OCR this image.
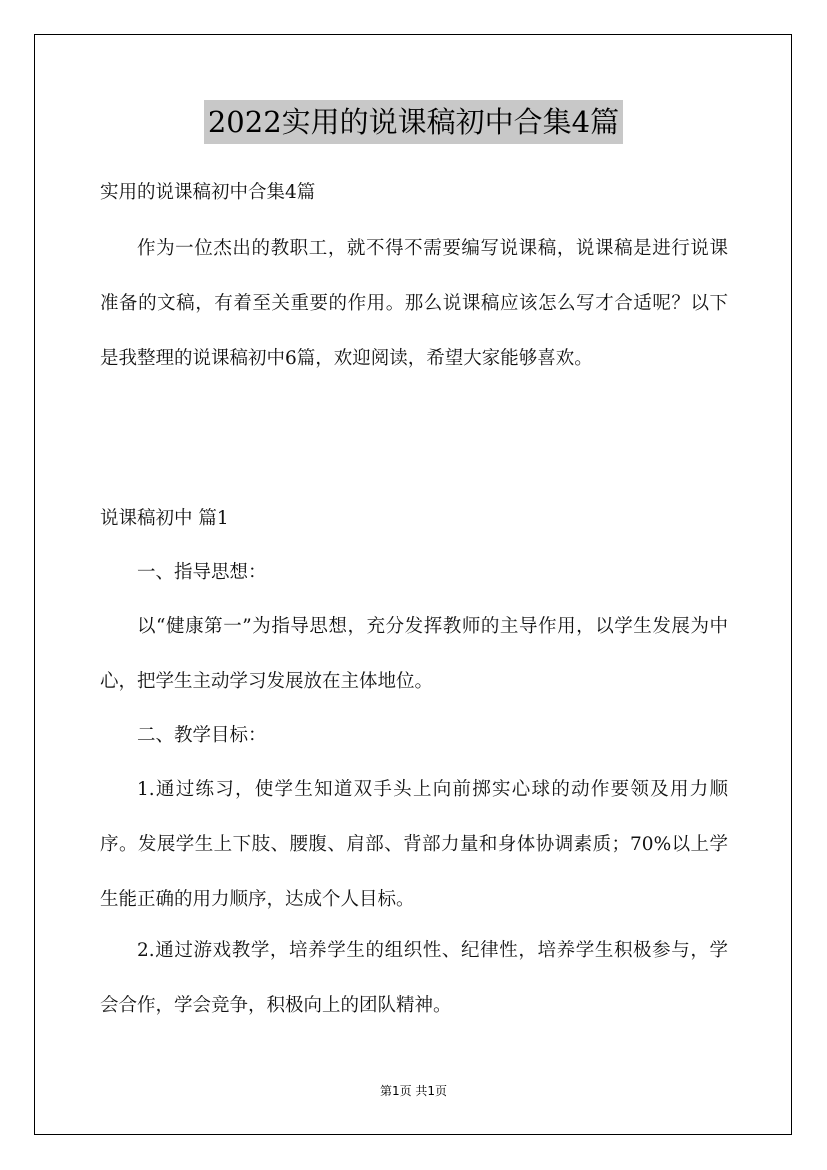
2022实用的说课稿初中合集4篇

实用的说课稿初中合集4篇

作为一位杰出的教职工，就不得不需要编写说课稿，说课稿是进行说课准备的文稿，有着至关重要的作用。那么说课稿应该怎么写才合适呢？以下是我整理的说课稿初中6篇，欢迎阅读，希望大家能够喜欢。

说课稿初中 篇1

一、指导思想：

以“健康第一”为指导思想，充分发挥教师的主导作用，以学生发展为中心，把学生主动学习发展放在主体地位。

二、教学目标：

1.通过练习，使学生知道双手头上向前掷实心球的动作要领及用力顺序。发展学生上下肢、腰腹、肩部、背部力量和身体协调素质；70%以上学生能正确的用力顺序，达成个人目标。

2.通过游戏教学，培养学生的组织性、纪律性，培养学生积极参与，学会合作，学会竞争，积极向上的团队精神。

第1页 共1页
